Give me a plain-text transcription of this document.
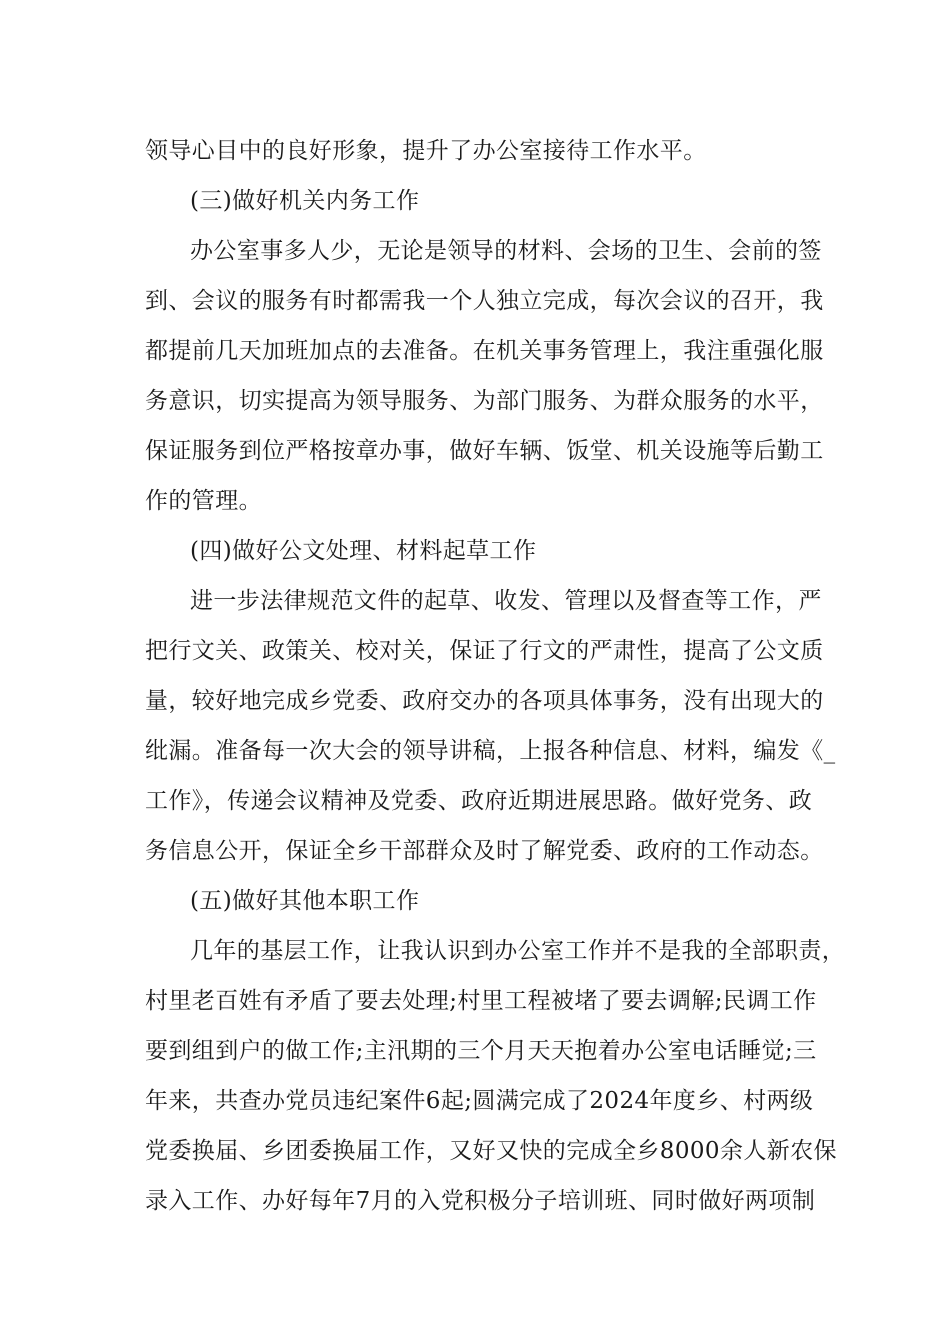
领导心目中的良好形象，提升了办公室接待工作水平。
(三)做好机关内务工作
办公室事多人少，无论是领导的材料、会场的卫生、会前的签
到、会议的服务有时都需我一个人独立完成，每次会议的召开，我
都提前几天加班加点的去准备。在机关事务管理上，我注重强化服
务意识，切实提高为领导服务、为部门服务、为群众服务的水平，
保证服务到位严格按章办事，做好车辆、饭堂、机关设施等后勤工
作的管理。
(四)做好公文处理、材料起草工作
进一步法律规范文件的起草、收发、管理以及督查等工作，严
把行文关、政策关、校对关，保证了行文的严肃性，提高了公文质
量，较好地完成乡党委、政府交办的各项具体事务，没有出现大的
纰漏。准备每一次大会的领导讲稿，上报各种信息、材料，编发《_
工作》，传递会议精神及党委、政府近期进展思路。做好党务、政
务信息公开，保证全乡干部群众及时了解党委、政府的工作动态。
(五)做好其他本职工作
几年的基层工作，让我认识到办公室工作并不是我的全部职责，
村里老百姓有矛盾了要去处理;村里工程被堵了要去调解;民调工作
要到组到户的做工作;主汛期的三个月天天抱着办公室电话睡觉;三
年来，共查办党员违纪案件6起;圆满完成了2024年度乡、村两级
党委换届、乡团委换届工作，又好又快的完成全乡8000余人新农保
录入工作、办好每年7月的入党积极分子培训班、同时做好两项制
